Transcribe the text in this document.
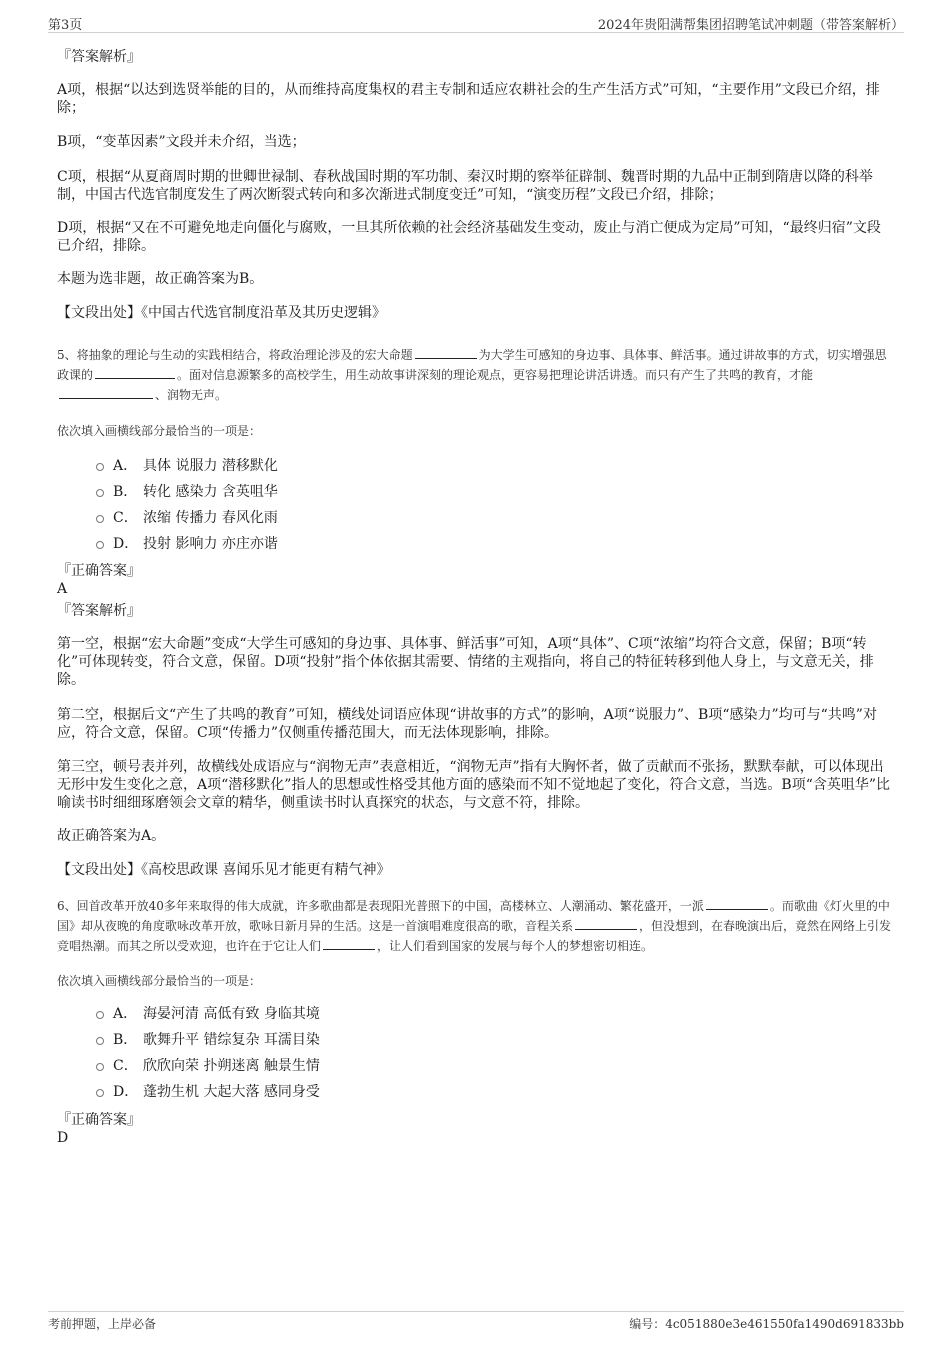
第3页	2024年贵阳满帮集团招聘笔试冲刺题（带答案解析）
『答案解析』
A项，根据“以达到选贤举能的目的，从而维持高度集权的君主专制和适应农耕社会的生产生活方式”可知，“主要作用”文段已介绍，排除；
B项，“变革因素”文段并未介绍，当选；
C项，根据“从夏商周时期的世卿世禄制、春秋战国时期的军功制、秦汉时期的察举征辟制、魏晋时期的九品中正制到隋唐以降的科举制，中国古代选官制度发生了两次断裂式转向和多次渐进式制度变迁”可知，“演变历程”文段已介绍，排除；
D项，根据“又在不可避免地走向僵化与腐败，一旦其所依赖的社会经济基础发生变动，废止与消亡便成为定局”可知，“最终归宿”文段已介绍，排除。
本题为选非题，故正确答案为B。
【文段出处】《中国古代选官制度沿革及其历史逻辑》
5、将抽象的理论与生动的实践相结合，将政治理论涉及的宏大命题	为大学生可感知的身边事、具体事、鲜活事。通过讲故事的方式，切实增强思政课的	。面对信息源繁多的高校学生，用生动故事讲深刻的理论观点，更容易把理论讲活讲透。而只有产生了共鸣的教育，才能、润物无声。
依次填入画横线部分最恰当的一项是：
A． 具体 说服力 潜移默化
B． 转化 感染力 含英咀华
C． 浓缩 传播力 春风化雨
D． 投射 影响力 亦庄亦谐
『正确答案』
A
『答案解析』
第一空，根据“宏大命题”变成“大学生可感知的身边事、具体事、鲜活事”可知，A项“具体”、C项“浓缩”均符合文意，保留；B项“转化”可体现转变，符合文意，保留。D项“投射”指个体依据其需要、情绪的主观指向，将自己的特征转移到他人身上，与文意无关，排除。
第二空，根据后文“产生了共鸣的教育”可知，横线处词语应体现“讲故事的方式”的影响，A项“说服力”、B项“感染力”均可与“共鸣”对应，符合文意，保留。C项“传播力”仅侧重传播范围大，而无法体现影响，排除。
第三空，顿号表并列，故横线处成语应与“润物无声”表意相近，“润物无声”指有大胸怀者，做了贡献而不张扬，默默奉献，可以体现出无形中发生变化之意，A项“潜移默化”指人的思想或性格受其他方面的感染而不知不觉地起了变化，符合文意，当选。B项“含英咀华”比喻读书时细细琢磨领会文章的精华，侧重读书时认真探究的状态，与文意不符，排除。
故正确答案为A。
【文段出处】《高校思政课 喜闻乐见才能更有精气神》
6、回首改革开放40多年来取得的伟大成就，许多歌曲都是表现阳光普照下的中国，高楼林立、人潮涌动、繁花盛开，一派	。而歌曲《灯火里的中国》却从夜晚的角度歌咏改革开放，歌咏日新月异的生活。这是一首演唱难度很高的歌，音程关系	，但没想到，在春晚演出后，竟然在网络上引发竞唱热潮。而其之所以受欢迎，也许在于它让人们	，让人们看到国家的发展与每个人的梦想密切相连。
依次填入画横线部分最恰当的一项是：
A． 海晏河清 高低有致 身临其境
B． 歌舞升平 错综复杂 耳濡目染
C． 欣欣向荣 扑朔迷离 触景生情
D． 蓬勃生机 大起大落 感同身受
『正确答案』
D
考前押题，上岸必备	编号：4c051880e3e461550fa1490d691833bb
